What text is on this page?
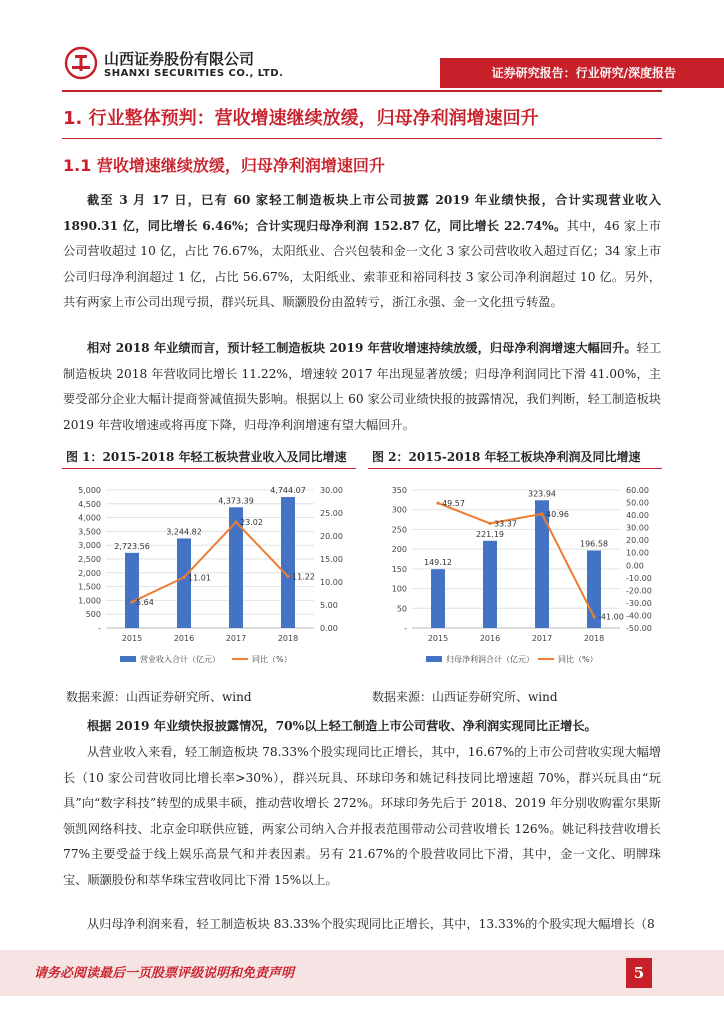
山西证券股份有限公司
SHANXI SECURITIES CO., LTD.	证券研究报告：行业研究/深度报告
1. 行业整体预判：营收增速继续放缓，归母净利润增速回升
1.1 营收增速继续放缓，归母净利润增速回升
截至 3 月 17 日，已有 60 家轻工制造板块上市公司披露 2019 年业绩快报，合计实现营业收入 1890.31 亿，同比增长 6.46%；合计实现归母净利润 152.87 亿，同比增长 22.74%。其中，46 家上市公司营收超过 10 亿，占比 76.67%，太阳纸业、合兴包装和金一文化 3 家公司营收收入超过百亿；34 家上市公司归母净利润超过 1 亿，占比 56.67%，太阳纸业、索菲亚和裕同科技 3 家公司净利润超过 10 亿。另外，共有两家上市公司出现亏损，群兴玩具、顺灏股份由盈转亏，浙江永强、金一文化扭亏转盈。
相对 2018 年业绩而言，预计轻工制造板块 2019 年营收增速持续放缓，归母净利润增速大幅回升。轻工制造板块 2018 年营收同比增长 11.22%，增速较 2017 年出现显著放缓；归母净利润同比下滑 41.00%，主要受部分企业大幅计提商誉减值损失影响。根据以上 60 家公司业绩快报的披露情况，我们判断，轻工制造板块 2019 年营收增速或将再度下降，归母净利润增速有望大幅回升。
图 1：2015-2018 年轻工板块营业收入及同比增速 图 2：2015-2018 年轻工板块净利润及同比增速
-
500
1,000
1,500
2,000
2,500
3,000
3,500
4,000
4,500
5,000
0.00
5.00
10.00
15.00
20.00
25.00
30.00
2015
2,723.56
2016
3,244.82
2017
4,373.39
2018
4,744.07
5.64
11.01
23.02
11.22
营业收入合计（亿元）	同比（%）
-
50
100
150
200
250
300
350
-50.00
-40.00
-30.00
-20.00
-10.00
0.00
10.00
20.00
30.00
40.00
50.00
60.00
2015
149.12
2016
221.19
2017
323.94
2018
196.58
49.57
33.37
40.96
-41.00
归母净利润合计（亿元）	同比（%）
数据来源：山西证券研究所、wind	数据来源：山西证券研究所、wind
根据 2019 年业绩快报披露情况，70%以上轻工制造上市公司营收、净利润实现同比正增长。
从营业收入来看，轻工制造板块 78.33%个股实现同比正增长，其中，16.67%的上市公司营收实现大幅增长（10 家公司营收同比增长率>30%），群兴玩具、环球印务和姚记科技同比增速超 70%，群兴玩具由“玩具”向“数字科技”转型的成果丰硕，推动营收增长 272%。环球印务先后于 2018、2019 年分别收购霍尔果斯领凯网络科技、北京金印联供应链，两家公司纳入合并报表范围带动公司营收增长 126%。姚记科技营收增长 77%主要受益于线上娱乐高景气和并表因素。另有 21.67%的个股营收同比下滑，其中，金一文化、明牌珠宝、顺灏股份和萃华珠宝营收同比下滑 15%以上。
从归母净利润来看，轻工制造板块 83.33%个股实现同比正增长，其中，13.33%的个股实现大幅增长（8
请务必阅读最后一页股票评级说明和免责声明	5
